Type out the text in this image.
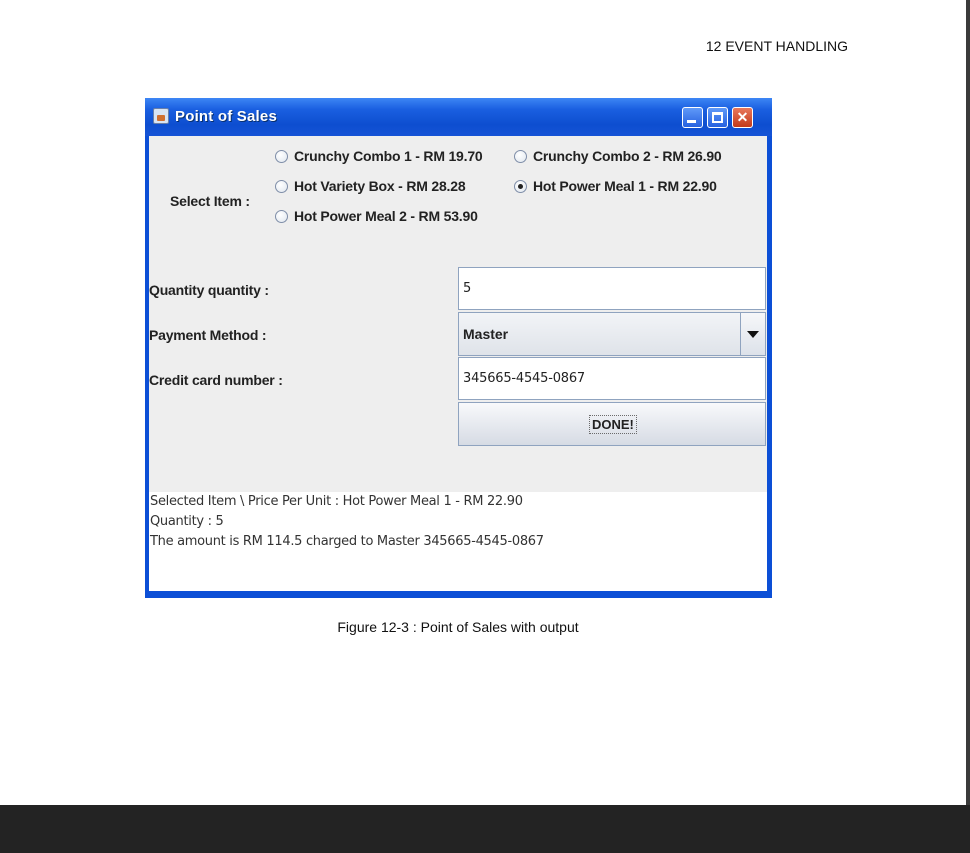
12 EVENT HANDLING
Point of Sales	✕
Select Item :
Crunchy Combo 1 - RM 19.70	Crunchy Combo 2 - RM 26.90
Hot Variety Box - RM 28.28	Hot Power Meal 1 - RM 22.90
Hot Power Meal 2 - RM 53.90
Quantity quantity :	5
Payment Method :	Master
Credit card number :	345665-4545-0867
DONE!
Selected Item \ Price Per Unit : Hot Power Meal 1 - RM 22.90
Quantity : 5
The amount is RM 114.5 charged to Master 345665-4545-0867
Figure 12-3 : Point of Sales with output
